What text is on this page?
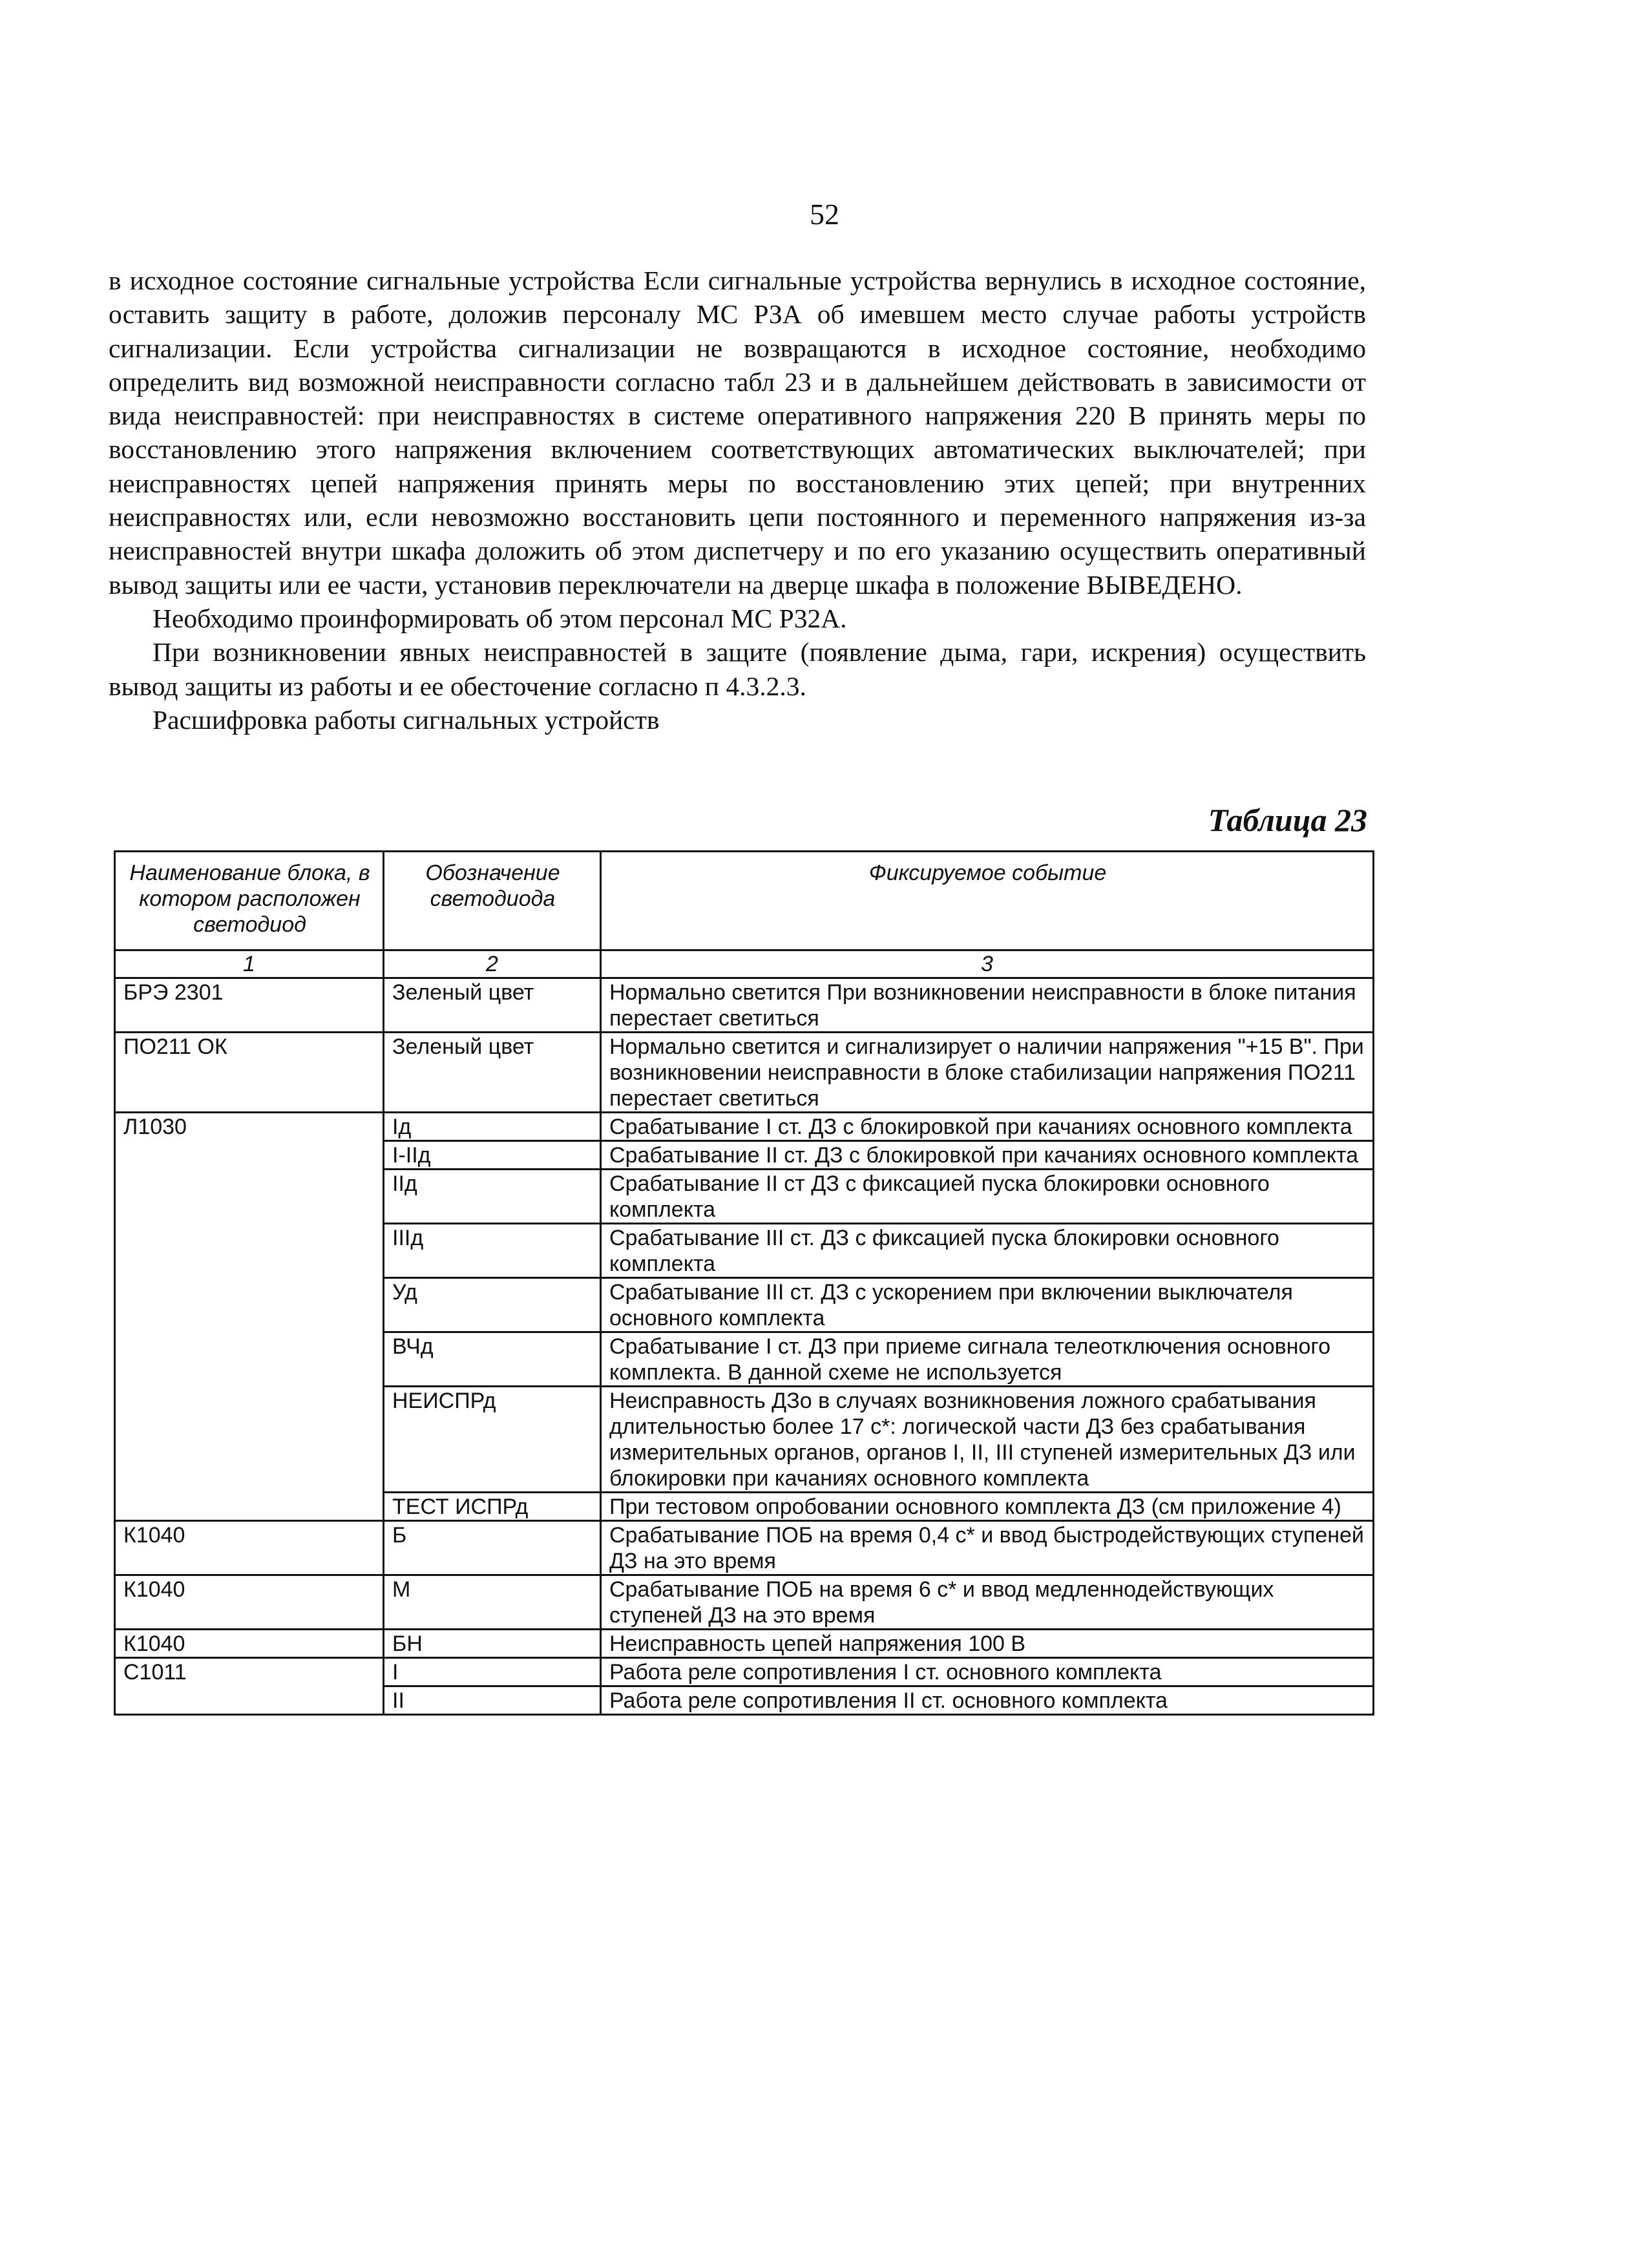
52

в исходное состояние сигнальные устройства Если сигнальные устройства вернулись в исходное состояние, оставить защиту в работе, доложив персоналу МС РЗА об имевшем место случае работы устройств сигнализации. Если устройства сигнализации не возвращаются в исходное состояние, необходимо определить вид возможной неисправности согласно табл 23 и в дальнейшем действовать в зависимости от вида неисправностей: при неисправностях в системе оперативного напряжения 220 В принять меры по восстановлению этого напряжения включением соответствующих автоматических выключателей; при неисправностях цепей напряжения принять меры по восстановлению этих цепей; при внутренних неисправностях или, если невозможно восстановить цепи постоянного и переменного напряжения из-за неисправностей внутри шкафа доложить об этом диспетчеру и по его указанию осуществить оперативный вывод защиты или ее части, установив переключатели на дверце шкафа в положение ВЫВЕДЕНО.

Необходимо проинформировать об этом персонал МС Р32А.

При возникновении явных неисправностей в защите (появление дыма, гари, искрения) осуществить вывод защиты из работы и ее обесточение согласно п 4.3.2.3.

Расшифровка работы сигнальных устройств

Таблица 23
Наименование блока, в котором расположен светодиод	Обозначение светодиода	Фиксируемое событие
1	2	3
БРЭ 2301	Зеленый цвет	Нормально светится При возникновении неисправности в блоке питания перестает светиться
ПО211 ОК	Зеленый цвет	Нормально светится и сигнализирует о наличии напряжения "+15 В". При возникновении неисправности в блоке стабилизации напряжения ПО211 перестает светиться
Л1030	Iд	Срабатывание I ст. ДЗ с блокировкой при качаниях основного комплекта
	I-IIд	Срабатывание II ст. ДЗ с блокировкой при качаниях основного комплекта
	IIд	Срабатывание II ст ДЗ с фиксацией пуска блокировки основного комплекта
	IIIд	Срабатывание III ст. ДЗ с фиксацией пуска блокировки основного комплекта
	Уд	Срабатывание III ст. ДЗ с ускорением при включении выключателя основного комплекта
	ВЧд	Срабатывание I ст. ДЗ при приеме сигнала телеотключения основного комплекта. В данной схеме не используется
	НЕИСПРд	Неисправность ДЗо в случаях возникновения ложного срабатывания длительностью более 17 с*: логической части ДЗ без срабатывания измерительных органов, органов I, II, III ступеней измерительных ДЗ или блокировки при качаниях основного комплекта
	ТЕСТ ИСПРд	При тестовом опробовании основного комплекта ДЗ (см приложение 4)
К1040	Б	Срабатывание ПОБ на время 0,4 с* и ввод быстродействующих ступеней ДЗ на это время
К1040	М	Срабатывание ПОБ на время 6 с* и ввод медленнодействующих ступеней ДЗ на это время
К1040	БН	Неисправность цепей напряжения 100 В
С1011	I	Работа реле сопротивления I ст. основного комплекта
	II	Работа реле сопротивления II ст. основного комплекта
